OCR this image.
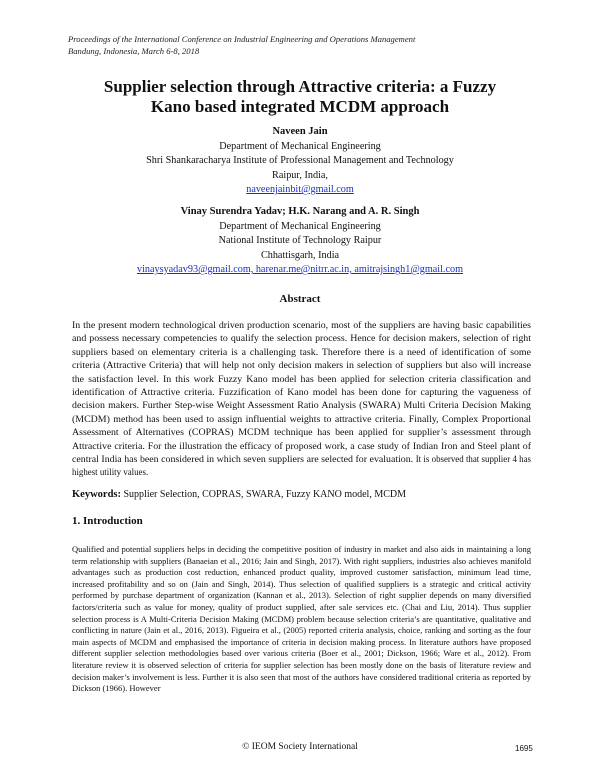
Proceedings of the International Conference on Industrial Engineering and Operations Management
Bandung, Indonesia, March 6-8, 2018
Supplier selection through Attractive criteria: a Fuzzy
Kano based integrated MCDM approach
Naveen Jain
Department of Mechanical Engineering
Shri Shankaracharya Institute of Professional Management and Technology
Raipur, India,
naveenjainbit@gmail.com
Vinay Surendra Yadav; H.K. Narang and A. R. Singh
Department of Mechanical Engineering
National Institute of Technology Raipur
Chhattisgarh, India
vinaysyadav93@gmail.com, harenar.me@nitrr.ac.in, amitrajsingh1@gmail.com
Abstract
In the present modern technological driven production scenario, most of the suppliers are having basic capabilities and possess necessary competencies to qualify the selection process. Hence for decision makers, selection of right suppliers based on elementary criteria is a challenging task. Therefore there is a need of identification of some criteria (Attractive Criteria) that will help not only decision makers in selection of suppliers but also will increase the satisfaction level. In this work Fuzzy Kano model has been applied for selection criteria classification and identification of Attractive criteria. Fuzzification of Kano model has been done for capturing the vagueness of decision makers. Further Step-wise Weight Assessment Ratio Analysis (SWARA) Multi Criteria Decision Making (MCDM) method has been used to assign influential weights to attractive criteria. Finally, Complex Proportional Assessment of Alternatives (COPRAS) MCDM technique has been applied for supplier’s assessment through Attractive criteria. For the illustration the efficacy of proposed work, a case study of Indian Iron and Steel plant of central India has been considered in which seven suppliers are selected for evaluation. It is observed that supplier 4 has highest utility values.
Keywords: Supplier Selection, COPRAS, SWARA, Fuzzy KANO model, MCDM
1. Introduction
Qualified and potential suppliers helps in deciding the competitive position of industry in market and also aids in maintaining a long term relationship with suppliers (Banaeian et al., 2016; Jain and Singh, 2017). With right suppliers, industries also achieves manifold advantages such as production cost reduction, enhanced product quality, improved customer satisfaction, minimum lead time, increased profitability and so on (Jain and Singh, 2014). Thus selection of qualified suppliers is a strategic and critical activity performed by purchase department of organization (Kannan et al., 2013). Selection of right supplier depends on many diversified factors/criteria such as value for money, quality of product supplied, after sale services etc. (Chai and Liu, 2014). Thus supplier selection process is A Multi-Criteria Decision Making (MCDM) problem because selection criteria’s are quantitative, qualitative and conflicting in nature (Jain et al., 2016, 2013). Figueira et al., (2005) reported criteria analysis, choice, ranking and sorting as the four main aspects of MCDM and emphasised the importance of criteria in decision making process. In literature authors have proposed different supplier selection methodologies based over various criteria (Boer et al., 2001; Dickson, 1966; Ware et al., 2012). From literature review it is observed selection of criteria for supplier selection has been mostly done on the basis of literature review and decision maker’s involvement is less. Further it is also seen that most of the authors have considered traditional criteria as reported by Dickson (1966). However
© IEOM Society International	1695
